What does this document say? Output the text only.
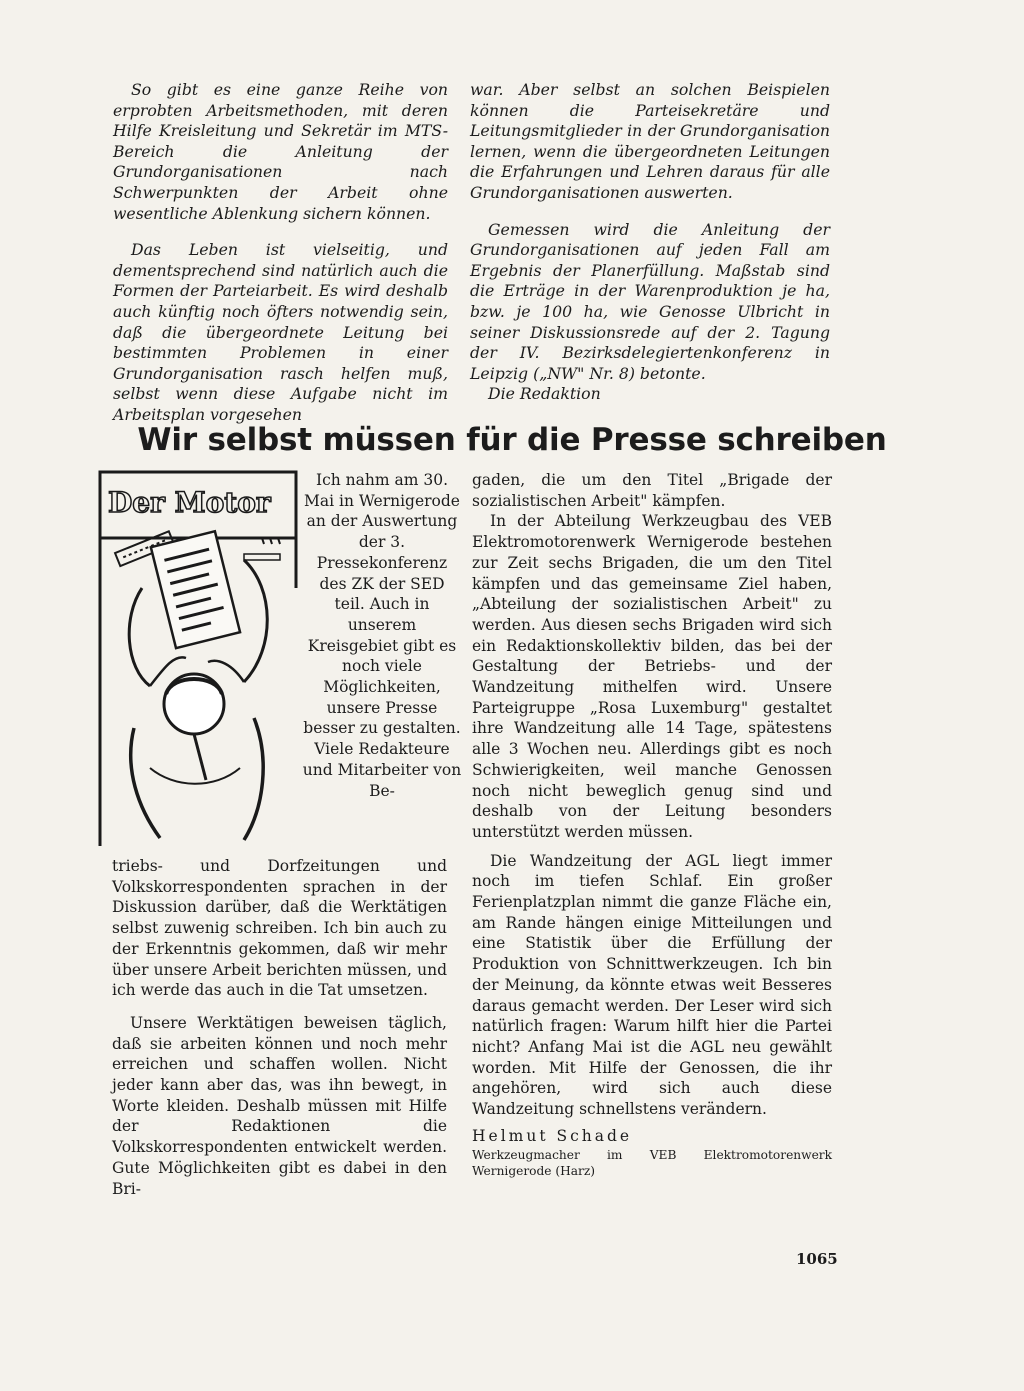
So gibt es eine ganze Reihe von erprobten Arbeitsmethoden, mit deren Hilfe Kreisleitung und Sekretär im MTS-Bereich die Anleitung der Grundorganisationen nach Schwerpunkten der Arbeit ohne wesentliche Ablenkung sichern können.

Das Leben ist vielseitig, und dementsprechend sind natürlich auch die Formen der Parteiarbeit. Es wird deshalb auch künftig noch öfters notwendig sein, daß die übergeordnete Leitung bei bestimmten Problemen in einer Grundorganisation rasch helfen muß, selbst wenn diese Aufgabe nicht im Arbeitsplan vorgesehen

war. Aber selbst an solchen Beispielen können die Parteisekretäre und Leitungsmitglieder in der Grundorganisation lernen, wenn die übergeordneten Leitungen die Erfahrungen und Lehren daraus für alle Grundorganisationen auswerten.

Gemessen wird die Anleitung der Grundorganisationen auf jeden Fall am Ergebnis der Planerfüllung. Maßstab sind die Erträge in der Warenproduktion je ha, bzw. je 100 ha, wie Genosse Ulbricht in seiner Diskussionsrede auf der 2. Tagung der IV. Bezirksdelegiertenkonferenz in Leipzig („NW" Nr. 8) betonte.

Die Redaktion

Wir selbst müssen für die Presse schreiben
Der Motor

Ich nahm am 30. Mai in Wernigerode an der Auswertung der 3. Pressekonferenz des ZK der SED teil. Auch in unserem Kreisgebiet gibt es noch viele Möglichkeiten, unsere Presse besser zu gestalten. Viele Redakteure und Mitarbeiter von Be-

triebs- und Dorfzeitungen und Volkskorrespondenten sprachen in der Diskussion darüber, daß die Werktätigen selbst zuwenig schreiben. Ich bin auch zu der Erkenntnis gekommen, daß wir mehr über unsere Arbeit berichten müssen, und ich werde das auch in die Tat umsetzen.

Unsere Werktätigen beweisen täglich, daß sie arbeiten können und noch mehr erreichen und schaffen wollen. Nicht jeder kann aber das, was ihn bewegt, in Worte kleiden. Deshalb müssen mit Hilfe der Redaktionen die Volkskorrespondenten entwickelt werden. Gute Möglichkeiten gibt es dabei in den Bri-

gaden, die um den Titel „Brigade der sozialistischen Arbeit" kämpfen.

In der Abteilung Werkzeugbau des VEB Elektromotorenwerk Wernigerode bestehen zur Zeit sechs Brigaden, die um den Titel kämpfen und das gemeinsame Ziel haben, „Abteilung der sozialistischen Arbeit" zu werden. Aus diesen sechs Brigaden wird sich ein Redaktionskollektiv bilden, das bei der Gestaltung der Betriebs- und der Wandzeitung mithelfen wird. Unsere Parteigruppe „Rosa Luxemburg" gestaltet ihre Wandzeitung alle 14 Tage, spätestens alle 3 Wochen neu. Allerdings gibt es noch Schwierigkeiten, weil manche Genossen noch nicht beweglich genug sind und deshalb von der Leitung besonders unterstützt werden müssen.

Die Wandzeitung der AGL liegt immer noch im tiefen Schlaf. Ein großer Ferienplatzplan nimmt die ganze Fläche ein, am Rande hängen einige Mitteilungen und eine Statistik über die Erfüllung der Produktion von Schnittwerkzeugen. Ich bin der Meinung, da könnte etwas weit Besseres daraus gemacht werden. Der Leser wird sich natürlich fragen: Warum hilft hier die Partei nicht? Anfang Mai ist die AGL neu gewählt worden. Mit Hilfe der Genossen, die ihr angehören, wird sich auch diese Wandzeitung schnellstens verändern.

Helmut Schade

Werkzeugmacher im VEB Elektromotorenwerk Wernigerode (Harz)

1065
